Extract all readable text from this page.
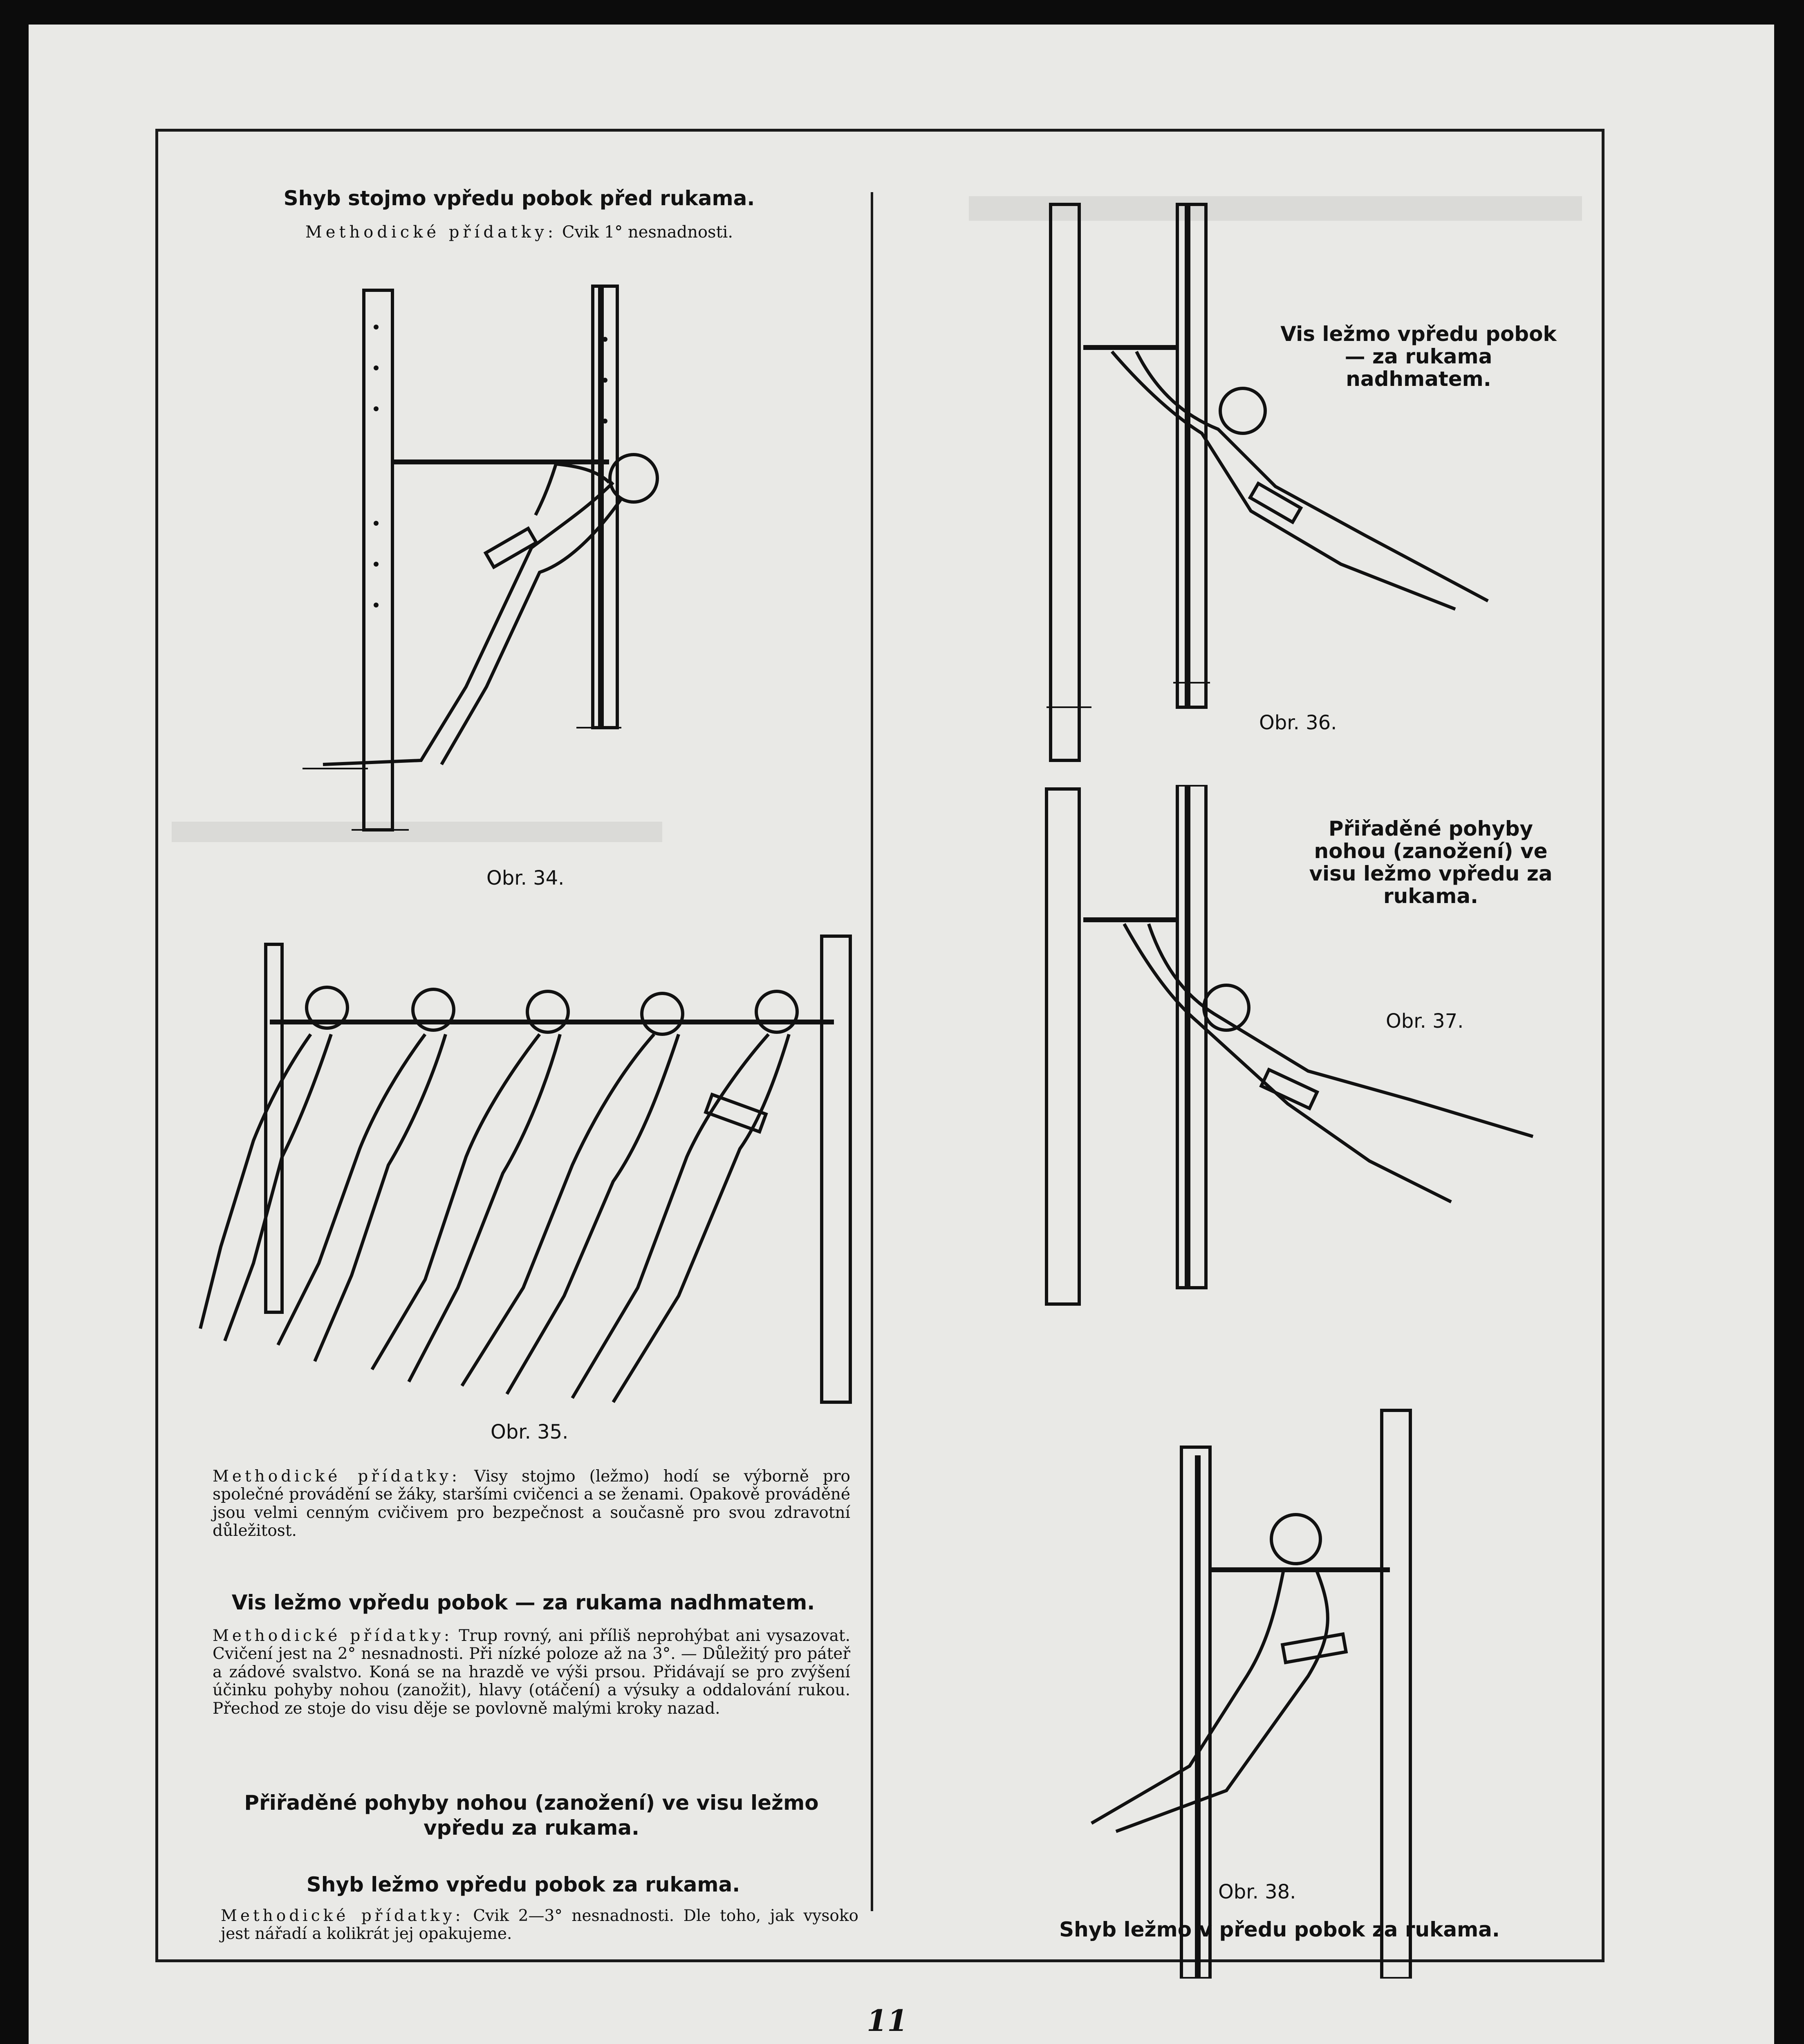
Shyb stojmo vpředu pobok před rukama.
Methodické přídatky: Cvik 1° nesnadnosti.
Obr. 34.
Obr. 35.
Methodické přídatky: Visy stojmo (ležmo) hodí se výborně pro společné provádění se žáky, staršími cvičenci a se ženami. Opakově prováděné jsou velmi cenným cvičivem pro bezpečnost a současně pro svou zdravotní důležitost.
Vis ležmo vpředu pobok — za rukama nadhmatem.
Methodické přídatky: Trup rovný, ani příliš neprohýbat ani vysazovat. Cvičení jest na 2° nesnadnosti. Při nízké poloze až na 3°. — Důležitý pro páteř a zádové svalstvo. Koná se na hrazdě ve výši prsou. Přidávají se pro zvýšení účinku pohyby nohou (zanožit), hlavy (otáčení) a výsuky a oddalování rukou. Přechod ze stoje do visu děje se povlovně malými kroky nazad.
Přiřaděné pohyby nohou (zanožení) ve visu ležmo vpředu za rukama.
Shyb ležmo vpředu pobok za rukama.
Methodické přídatky: Cvik 2—3° nesnadnosti. Dle toho, jak vysoko jest nářadí a kolikrát jej opakujeme.
Vis ležmo vpředu pobok — za rukama nadhmatem.
Obr. 36.
Přiřaděné pohyby nohou (zanožení) ve visu ležmo vpředu za rukama.
Obr. 37.
Obr. 38.
Shyb ležmo v předu pobok za rukama.
11
